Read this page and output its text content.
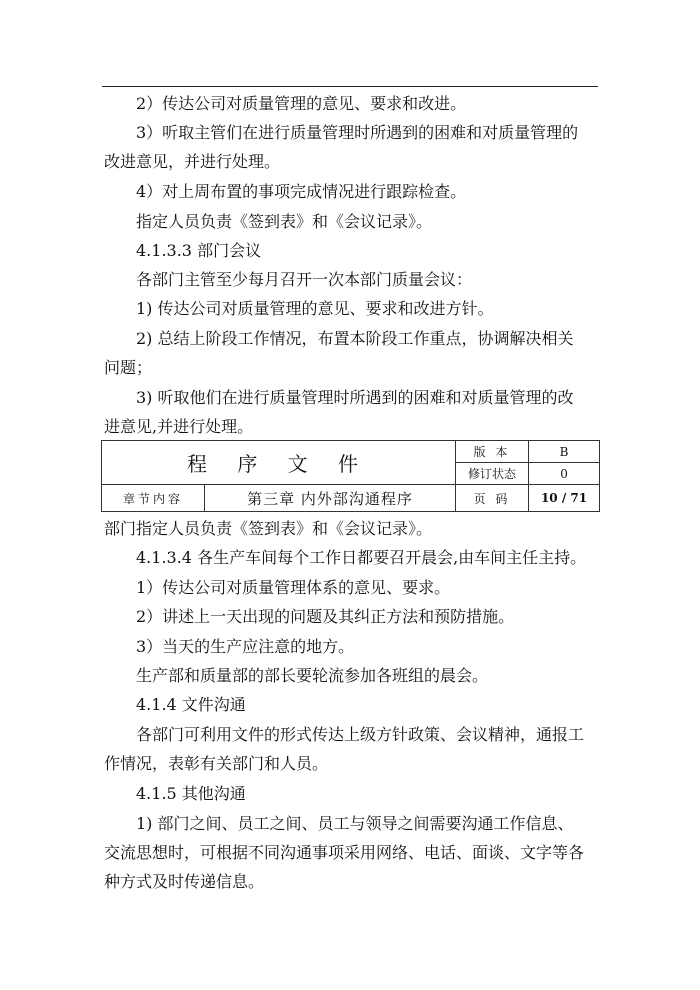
2）传达公司对质量管理的意见、要求和改进。

3）听取主管们在进行质量管理时所遇到的困难和对质量管理的

改进意见，并进行处理。

4）对上周布置的事项完成情况进行跟踪检查。

指定人员负责《签到表》和《会议记录》。

4.1.3.3 部门会议

各部门主管至少每月召开一次本部门质量会议：

1) 传达公司对质量管理的意见、要求和改进方针。

2) 总结上阶段工作情况，布置本阶段工作重点，协调解决相关

问题；

3) 听取他们在进行质量管理时所遇到的困难和对质量管理的改

进意见,并进行处理。

程 序 文 件		版 本	B
		修订状态	0
章节内容	第三章 内外部沟通程序	页 码	10 / 71

部门指定人员负责《签到表》和《会议记录》。

4.1.3.4 各生产车间每个工作日都要召开晨会,由车间主任主持。

1）传达公司对质量管理体系的意见、要求。

2）讲述上一天出现的问题及其纠正方法和预防措施。

3）当天的生产应注意的地方。

生产部和质量部的部长要轮流参加各班组的晨会。

4.1.4 文件沟通

各部门可利用文件的形式传达上级方针政策、会议精神，通报工

作情况，表彰有关部门和人员。

4.1.5 其他沟通

1) 部门之间、员工之间、员工与领导之间需要沟通工作信息、

交流思想时，可根据不同沟通事项采用网络、电话、面谈、文字等各

种方式及时传递信息。
